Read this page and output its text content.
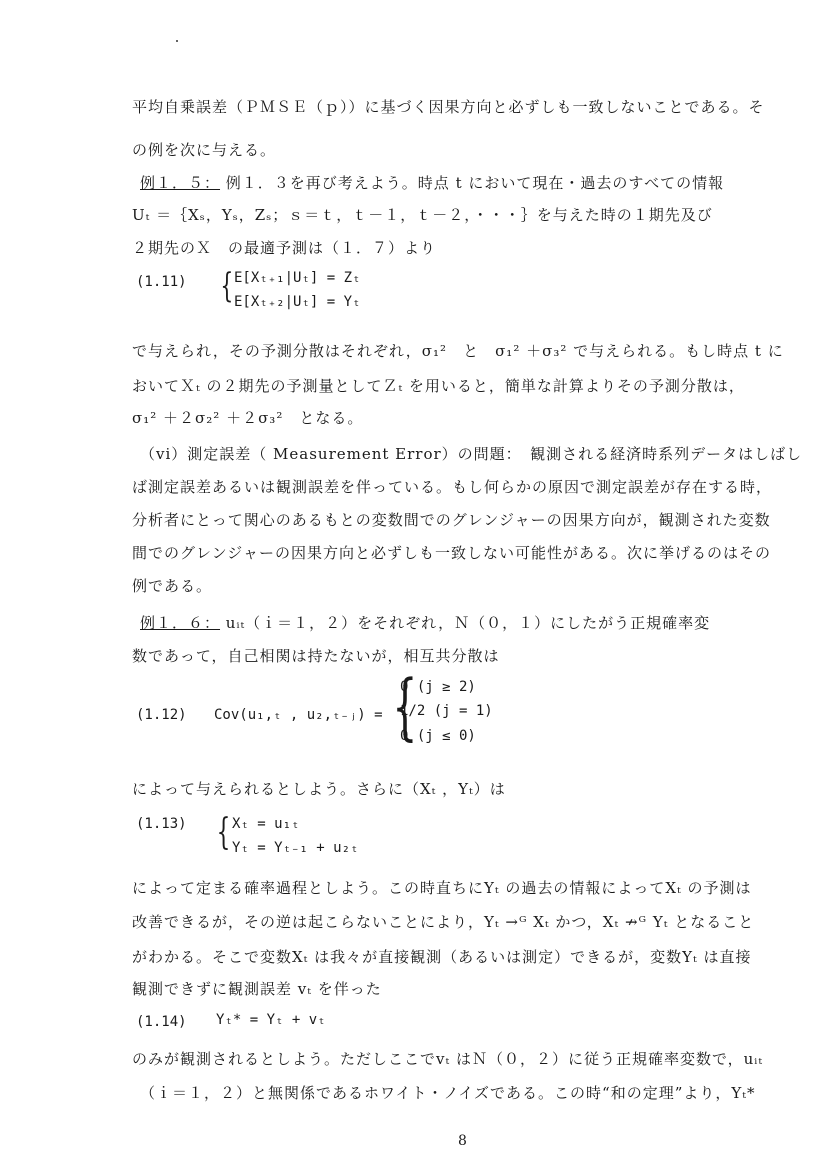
平均自乗誤差（ＰＭＳＥ（ｐ））に基づく因果方向と必ずしも一致しないことである。そ
の例を次に与える。
例１．５： 例１．３を再び考えよう。時点 t において現在・過去のすべての情報
Uₜ ＝｛Xₛ，Yₛ，Zₛ；ｓ＝ｔ，ｔ－１，ｔ－２，・・・｝を与えた時の１期先及び
２期先のＸ　の最適予測は（１．７）より
(1.11) { E[Xₜ₊₁|Uₜ] = Zₜ
E[Xₜ₊₂|Uₜ] = Yₜ
で与えられ，その予測分散はそれぞれ，σ₁²　と　σ₁² ＋σ₃² で与えられる。もし時点 t に
おいてＸₜ の２期先の予測量としてＺₜ を用いると，簡単な計算よりその予測分散は，
σ₁² ＋２σ₂² ＋２σ₃²　となる。
（vi）測定誤差（ Measurement Error）の問題：　観測される経済時系列データはしばし
ば測定誤差あるいは観測誤差を伴っている。もし何らかの原因で測定誤差が存在する時，
分析者にとって関心のあるもとの変数間でのグレンジャーの因果方向が，観測された変数
間でのグレンジャーの因果方向と必ずしも一致しない可能性がある。次に挙げるのはその
例である。
例１．６： uᵢₜ（ｉ＝１，２）をそれぞれ，Ｎ（０，１）にしたがう正規確率変
数であって，自己相関は持たないが，相互共分散は
(1.12) Cov(u₁,ₜ , u₂,ₜ₋ⱼ) = {
0 (j ≥ 2)
1/2 (j = 1)
0 (j ≤ 0)
によって与えられるとしよう。さらに（Xₜ ，Yₜ）は
(1.13) { Xₜ = u₁ₜ
Yₜ = Yₜ₋₁ + u₂ₜ
によって定まる確率過程としよう。この時直ちにYₜ の過去の情報によってXₜ の予測は
改善できるが，その逆は起こらないことにより，Yₜ →ᴳ Xₜ かつ，Xₜ ↛ᴳ Yₜ となること
がわかる。そこで変数Xₜ は我々が直接観測（あるいは測定）できるが，変数Yₜ は直接
観測できずに観測誤差 vₜ を伴った
(1.14) Yₜ* = Yₜ + vₜ
のみが観測されるとしよう。ただしここでvₜ はＮ（０，２）に従う正規確率変数で，uᵢₜ
（ｉ＝１，２）と無関係であるホワイト・ノイズである。この時“和の定理”より，Yₜ*
8
